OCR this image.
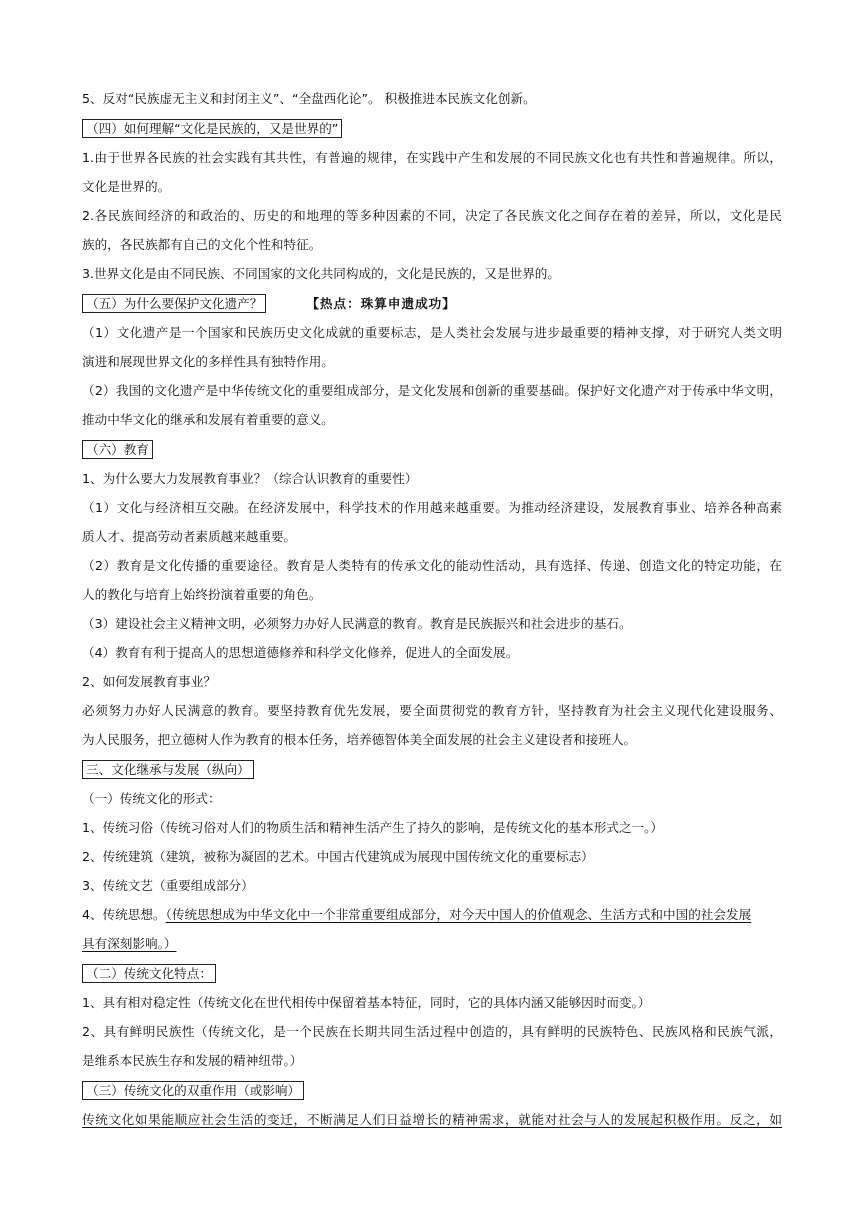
5、反对“民族虚无主义和封闭主义”、“全盘西化论”。 积极推进本民族文化创新。
（四）如何理解“文化是民族的，又是世界的”
1.由于世界各民族的社会实践有其共性，有普遍的规律，在实践中产生和发展的不同民族文化也有共性和普遍规律。所以，
文化是世界的。
2.各民族间经济的和政治的、历史的和地理的等多种因素的不同，决定了各民族文化之间存在着的差异，所以，文化是民
族的，各民族都有自己的文化个性和特征。
3.世界文化是由不同民族、不同国家的文化共同构成的，文化是民族的，又是世界的。
（五）为什么要保护文化遗产？	【热点：珠算申遗成功】
（1）文化遗产是一个国家和民族历史文化成就的重要标志，是人类社会发展与进步最重要的精神支撑，对于研究人类文明
演进和展现世界文化的多样性具有独特作用。
（2）我国的文化遗产是中华传统文化的重要组成部分，是文化发展和创新的重要基础。保护好文化遗产对于传承中华文明，
推动中华文化的继承和发展有着重要的意义。
（六）教育
1、为什么要大力发展教育事业？（综合认识教育的重要性）
（1）文化与经济相互交融。在经济发展中，科学技术的作用越来越重要。为推动经济建设，发展教育事业、培养各种高素
质人才、提高劳动者素质越来越重要。
（2）教育是文化传播的重要途径。教育是人类特有的传承文化的能动性活动，具有选择、传递、创造文化的特定功能，在
人的教化与培育上始终扮演着重要的角色。
（3）建设社会主义精神文明，必须努力办好人民满意的教育。教育是民族振兴和社会进步的基石。
（4）教育有利于提高人的思想道德修养和科学文化修养，促进人的全面发展。
2、如何发展教育事业？
必须努力办好人民满意的教育。要坚持教育优先发展，要全面贯彻党的教育方针，坚持教育为社会主义现代化建设服务、
为人民服务，把立德树人作为教育的根本任务，培养德智体美全面发展的社会主义建设者和接班人。
三、文化继承与发展（纵向）
（一）传统文化的形式：
1、传统习俗（传统习俗对人们的物质生活和精神生活产生了持久的影响，是传统文化的基本形式之一。）
2、传统建筑（建筑，被称为凝固的艺术。中国古代建筑成为展现中国传统文化的重要标志）
3、传统文艺（重要组成部分）
4、传统思想。（传统思想成为中华文化中一个非常重要组成部分，对今天中国人的价值观念、生活方式和中国的社会发展
具有深刻影响。）
（二）传统文化特点：
1、具有相对稳定性（传统文化在世代相传中保留着基本特征，同时，它的具体内涵又能够因时而变。）
2、具有鲜明民族性（传统文化，是一个民族在长期共同生活过程中创造的，具有鲜明的民族特色、民族风格和民族气派，
是维系本民族生存和发展的精神纽带。）
（三）传统文化的双重作用（或影响）
传统文化如果能顺应社会生活的变迁，不断满足人们日益增长的精神需求，就能对社会与人的发展起积极作用。反之，如
